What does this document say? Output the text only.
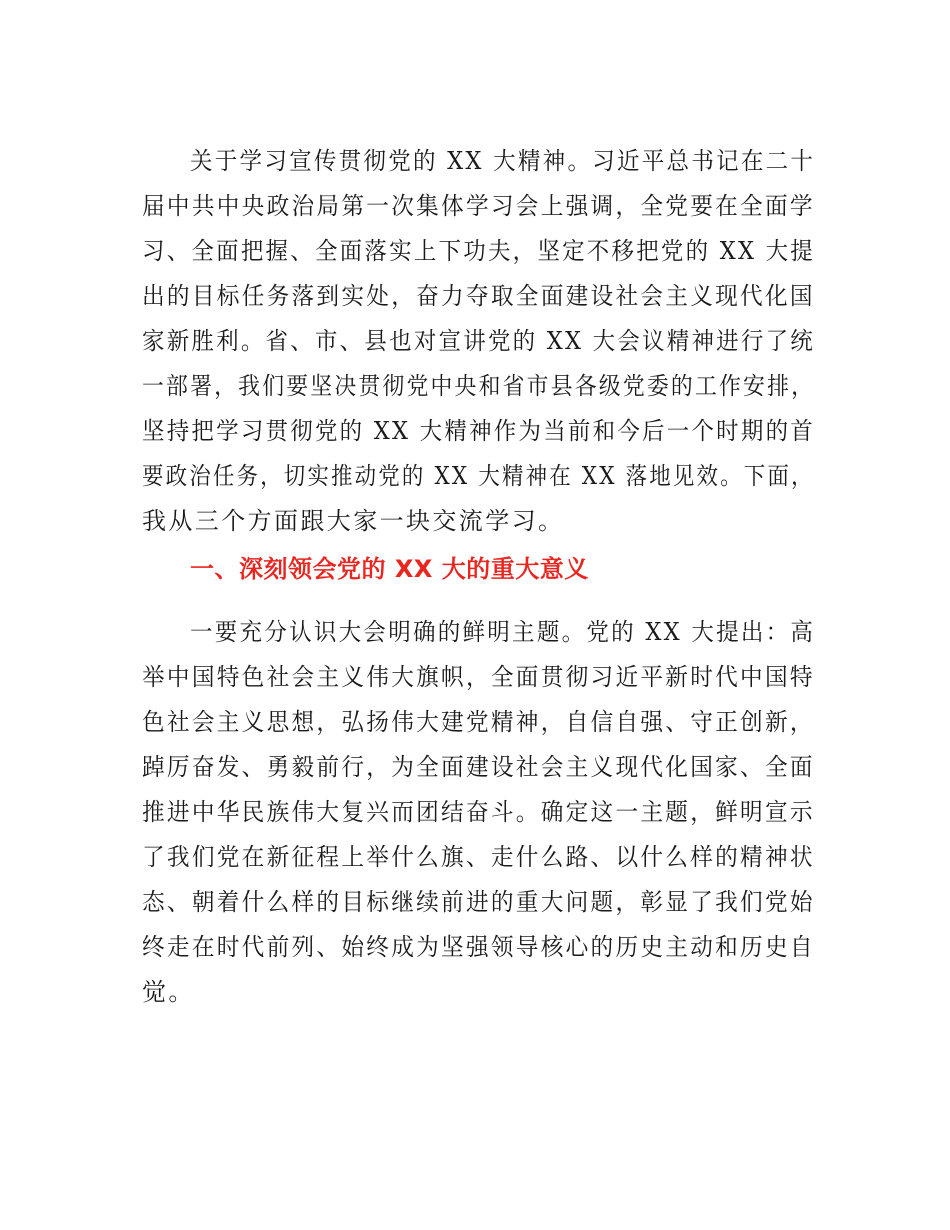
关于学习宣传贯彻党的 XX 大精神。习近平总书记在二十
届中共中央政治局第一次集体学习会上强调，全党要在全面学
习、全面把握、全面落实上下功夫，坚定不移把党的 XX 大提
出的目标任务落到实处，奋力夺取全面建设社会主义现代化国
家新胜利。省、市、县也对宣讲党的 XX 大会议精神进行了统
一部署，我们要坚决贯彻党中央和省市县各级党委的工作安排，
坚持把学习贯彻党的 XX 大精神作为当前和今后一个时期的首
要政治任务，切实推动党的 XX 大精神在 XX 落地见效。下面，
我从三个方面跟大家一块交流学习。
一、深刻领会党的 XX 大的重大意义
一要充分认识大会明确的鲜明主题。党的 XX 大提出：高
举中国特色社会主义伟大旗帜，全面贯彻习近平新时代中国特
色社会主义思想，弘扬伟大建党精神，自信自强、守正创新，
踔厉奋发、勇毅前行，为全面建设社会主义现代化国家、全面
推进中华民族伟大复兴而团结奋斗。确定这一主题，鲜明宣示
了我们党在新征程上举什么旗、走什么路、以什么样的精神状
态、朝着什么样的目标继续前进的重大问题，彰显了我们党始
终走在时代前列、始终成为坚强领导核心的历史主动和历史自
觉。
